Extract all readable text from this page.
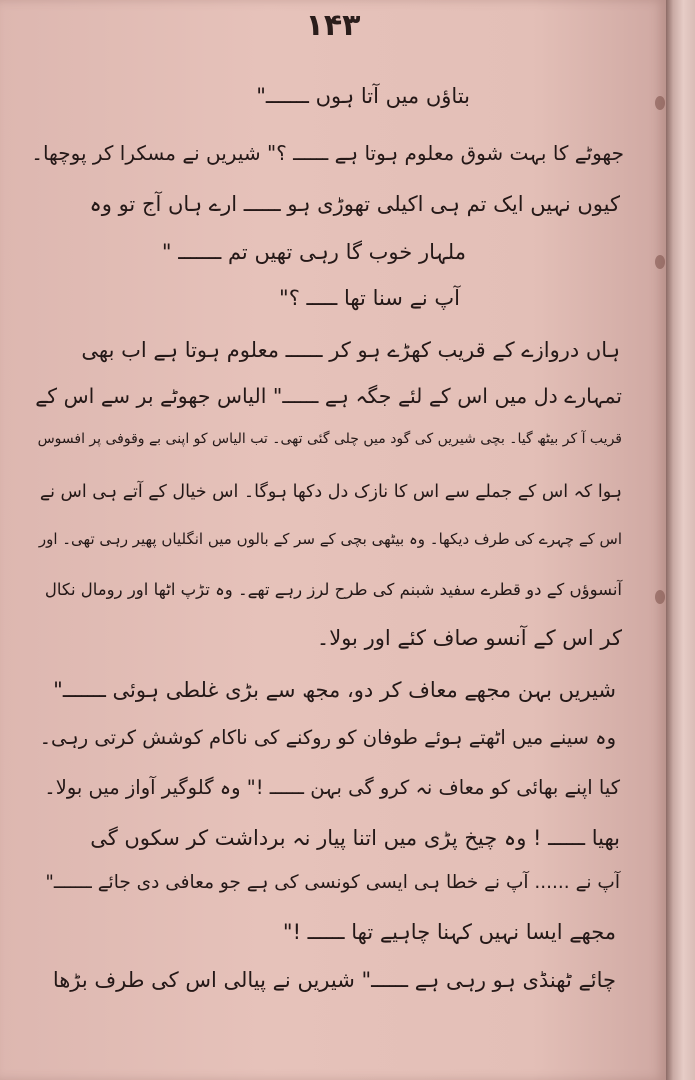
۱۴۳
بتاؤں میں آتا ہوں ـــــــ"
جھوٹے کا بہت شوق معلوم ہوتا ہے ــــــ ؟" شیریں نے مسکرا کر پوچھا۔
کیوں نہیں ایک تم ہی اکیلی تھوڑی ہو ــــــ ارے ہاں آج تو وہ
ملہار خوب گا رہی تھیں تم ـــــــ "
آپ نے سنا تھا ـــــ ؟"
ہاں دروازے کے قریب کھڑے ہو کر ــــــ معلوم ہوتا ہے اب بھی
تمہارے دل میں اس کے لئے جگہ ہے ــــــ" الیاس جھوٹے بر سے اس کے
قریب آ کر بیٹھ گیا۔ بچی شیریں کی گود میں چلی گئی تھی۔ تب الیاس کو اپنی بے وقوفی پر افسوس
ہوا کہ اس کے جملے سے اس کا نازک دل دکھا ہوگا۔ اس خیال کے آتے ہی اس نے
اس کے چہرے کی طرف دیکھا۔ وہ بیٹھی بچی کے سر کے بالوں میں انگلیاں پھیر رہی تھی۔ اور
آنسوؤں کے دو قطرے سفید شبنم کی طرح لرز رہے تھے۔ وہ تڑپ اٹھا اور رومال نکال
کر اس کے آنسو صاف کئے اور بولا۔
شیریں بہن مجھے معاف کر دو، مجھ سے بڑی غلطی ہوئی ـــــــ"
وہ سینے میں اٹھتے ہوئے طوفان کو روکنے کی ناکام کوشش کرتی رہی۔
کیا اپنے بھائی کو معاف نہ کرو گی بہن ــــــ !" وہ گلوگیر آواز میں بولا۔
بھیا ــــــ ! وہ چیخ پڑی میں اتنا پیار نہ برداشت کر سکوں گی
آپ نے ...... آپ نے خطا ہی ایسی کونسی کی ہے جو معافی دی جائے ـــــــ"
مجھے ایسا نہیں کہنا چاہیے تھا ــــــ !"
چائے ٹھنڈی ہو رہی ہے ــــــ" شیریں نے پیالی اس کی طرف بڑھا
